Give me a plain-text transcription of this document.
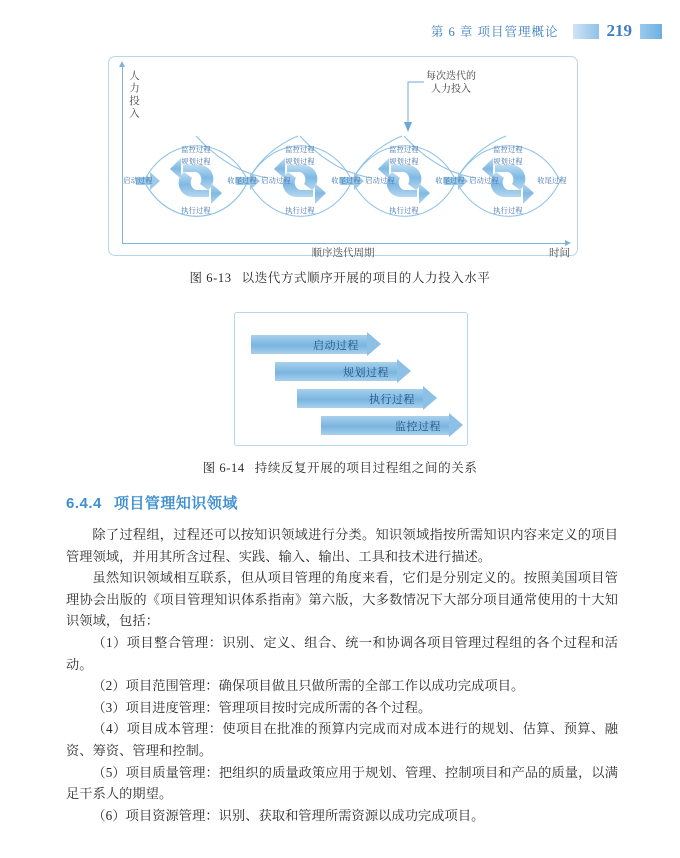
第 6 章 项目管理概论	219
人力投入
顺序迭代周期	时间
每次迭代的
人力投入
启动过程
监控过程
规划过程
执行过程
收尾过程 启动过程
监控过程
规划过程
执行过程
收尾过程 启动过程
监控过程
规划过程
执行过程
收尾过程 启动过程
监控过程
规划过程
执行过程
收尾过程
图 6-13 以迭代方式顺序开展的项目的人力投入水平
启动过程
规划过程
执行过程
监控过程
图 6-14 持续反复开展的项目过程组之间的关系
6.4.4 项目管理知识领域

除了过程组，过程还可以按知识领域进行分类。知识领域指按所需知识内容来定义的项目管理领域，并用其所含过程、实践、输入、输出、工具和技术进行描述。

虽然知识领域相互联系，但从项目管理的角度来看，它们是分别定义的。按照美国项目管理协会出版的《项目管理知识体系指南》第六版，大多数情况下大部分项目通常使用的十大知识领域，包括：

（1）项目整合管理：识别、定义、组合、统一和协调各项目管理过程组的各个过程和活动。

（2）项目范围管理：确保项目做且只做所需的全部工作以成功完成项目。

（3）项目进度管理：管理项目按时完成所需的各个过程。

（4）项目成本管理：使项目在批准的预算内完成而对成本进行的规划、估算、预算、融资、筹资、管理和控制。

（5）项目质量管理：把组织的质量政策应用于规划、管理、控制项目和产品的质量，以满足干系人的期望。

（6）项目资源管理：识别、获取和管理所需资源以成功完成项目。
